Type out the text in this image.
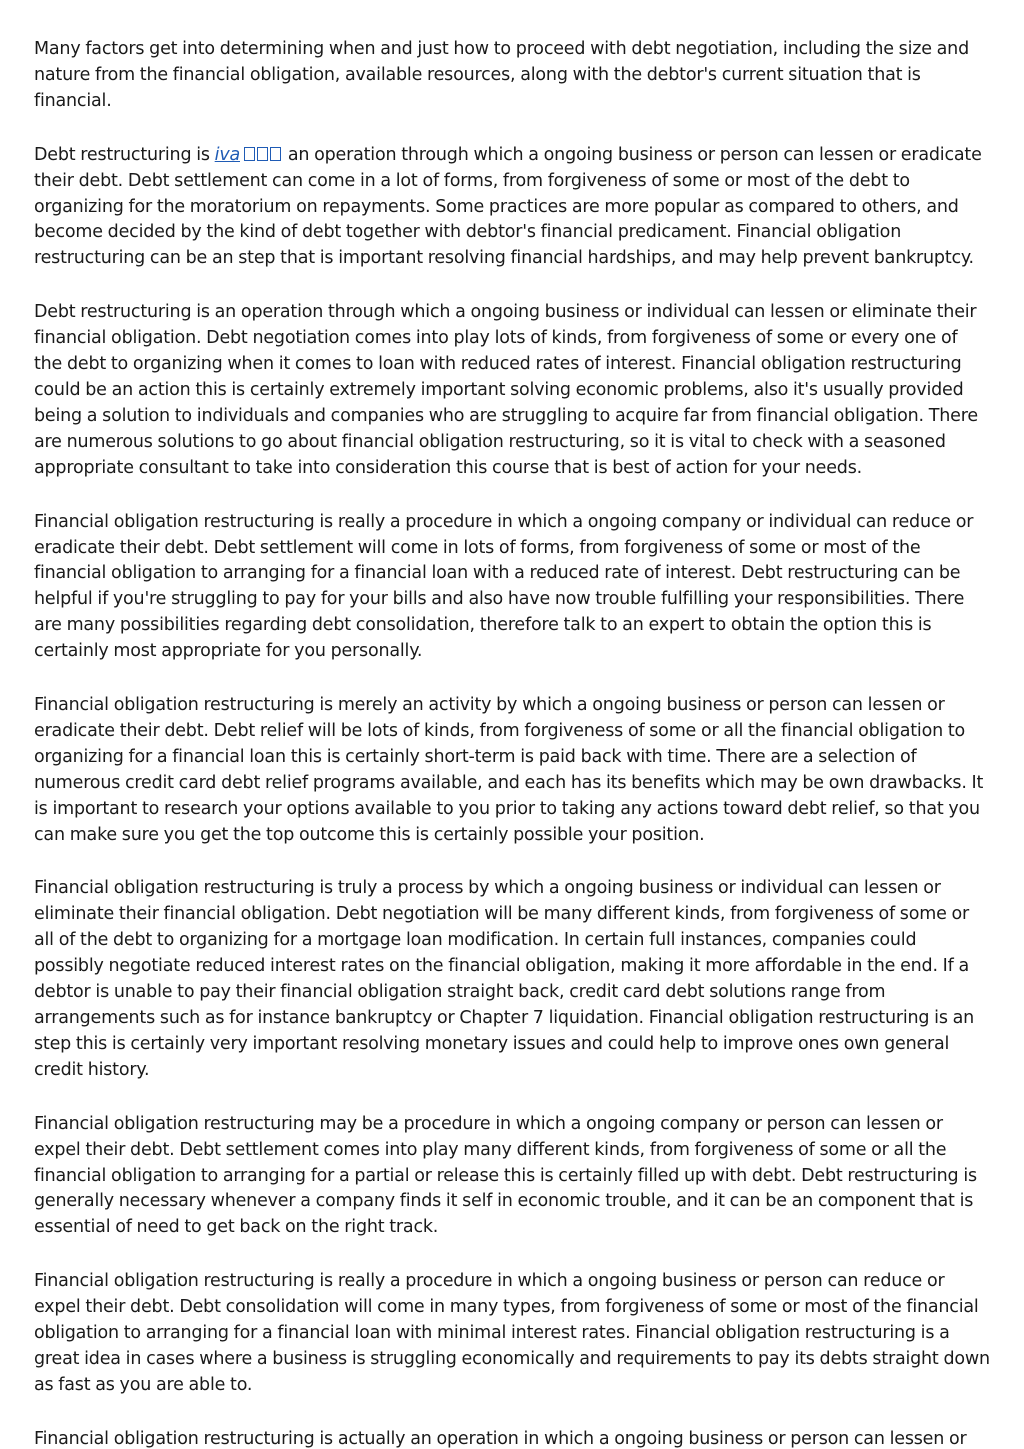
Many factors get into determining when and just how to proceed with debt negotiation, including the size and nature from the financial obligation, available resources, along with the debtor's current situation that is financial.

Debt restructuring is iva an operation through which a ongoing business or person can lessen or eradicate their debt. Debt settlement can come in a lot of forms, from forgiveness of some or most of the debt to organizing for the moratorium on repayments. Some practices are more popular as compared to others, and become decided by the kind of debt together with debtor's financial predicament. Financial obligation restructuring can be an step that is important resolving financial hardships, and may help prevent bankruptcy.

Debt restructuring is an operation through which a ongoing business or individual can lessen or eliminate their financial obligation. Debt negotiation comes into play lots of kinds, from forgiveness of some or every one of the debt to organizing when it comes to loan with reduced rates of interest. Financial obligation restructuring could be an action this is certainly extremely important solving economic problems, also it's usually provided being a solution to individuals and companies who are struggling to acquire far from financial obligation. There are numerous solutions to go about financial obligation restructuring, so it is vital to check with a seasoned appropriate consultant to take into consideration this course that is best of action for your needs.

Financial obligation restructuring is really a procedure in which a ongoing company or individual can reduce or eradicate their debt. Debt settlement will come in lots of forms, from forgiveness of some or most of the financial obligation to arranging for a financial loan with a reduced rate of interest. Debt restructuring can be helpful if you're struggling to pay for your bills and also have now trouble fulfilling your responsibilities. There are many possibilities regarding debt consolidation, therefore talk to an expert to obtain the option this is certainly most appropriate for you personally.

Financial obligation restructuring is merely an activity by which a ongoing business or person can lessen or eradicate their debt. Debt relief will be lots of kinds, from forgiveness of some or all the financial obligation to organizing for a financial loan this is certainly short-term is paid back with time. There are a selection of numerous credit card debt relief programs available, and each has its benefits which may be own drawbacks. It is important to research your options available to you prior to taking any actions toward debt relief, so that you can make sure you get the top outcome this is certainly possible your position.

Financial obligation restructuring is truly a process by which a ongoing business or individual can lessen or eliminate their financial obligation. Debt negotiation will be many different kinds, from forgiveness of some or all of the debt to organizing for a mortgage loan modification. In certain full instances, companies could possibly negotiate reduced interest rates on the financial obligation, making it more affordable in the end. If a debtor is unable to pay their financial obligation straight back, credit card debt solutions range from arrangements such as for instance bankruptcy or Chapter 7 liquidation. Financial obligation restructuring is an step this is certainly very important resolving monetary issues and could help to improve ones own general credit history.

Financial obligation restructuring may be a procedure in which a ongoing company or person can lessen or expel their debt. Debt settlement comes into play many different kinds, from forgiveness of some or all the financial obligation to arranging for a partial or release this is certainly filled up with debt. Debt restructuring is generally necessary whenever a company finds it self in economic trouble, and it can be an component that is essential of need to get back on the right track.

Financial obligation restructuring is really a procedure in which a ongoing business or person can reduce or expel their debt. Debt consolidation will come in many types, from forgiveness of some or most of the financial obligation to arranging for a financial loan with minimal interest rates. Financial obligation restructuring is a great idea in cases where a business is struggling economically and requirements to pay its debts straight down as fast as you are able to.

Financial obligation restructuring is actually an operation in which a ongoing business or person can lessen or
